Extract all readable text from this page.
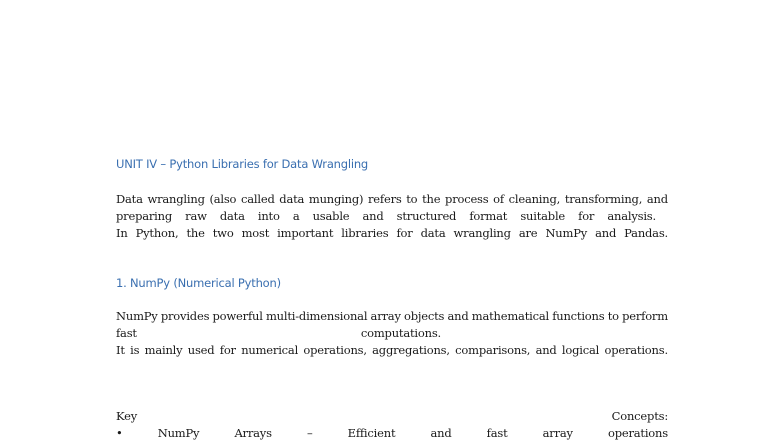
UNIT IV – Python Libraries for Data Wrangling
Data wrangling (also called data munging) refers to the process of cleaning, transforming, and
preparing raw data into a usable and structured format suitable for analysis.
In Python, the two most important libraries for data wrangling are NumPy and Pandas.
1. NumPy (Numerical Python)
NumPy provides powerful multi-dimensional array objects and mathematical functions to perform
fast	computations.
It is mainly used for numerical operations, aggregations, comparisons, and logical operations.
Key	Concepts:
•	NumPy	Arrays	–	Efficient	and	fast	array	operations
